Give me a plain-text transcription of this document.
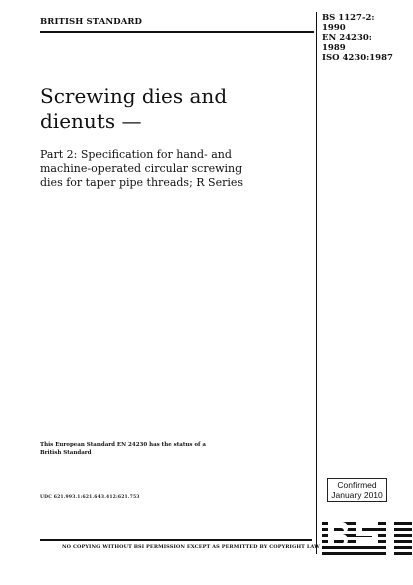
BRITISH STANDARD	BS 1127-2:
1990
EN 24230:
1989
ISO 4230:1987
Screwing dies and
dienuts —
Part 2: Specification for hand- and
machine-operated circular screwing
dies for taper pipe threads; R Series
This European Standard EN 24230 has the status of a
British Standard
UDC 621.993.1:621.643.412:621.753
Confirmed
January 2010
NO COPYING WITHOUT BSI PERMISSION EXCEPT AS PERMITTED BY COPYRIGHT LAW
